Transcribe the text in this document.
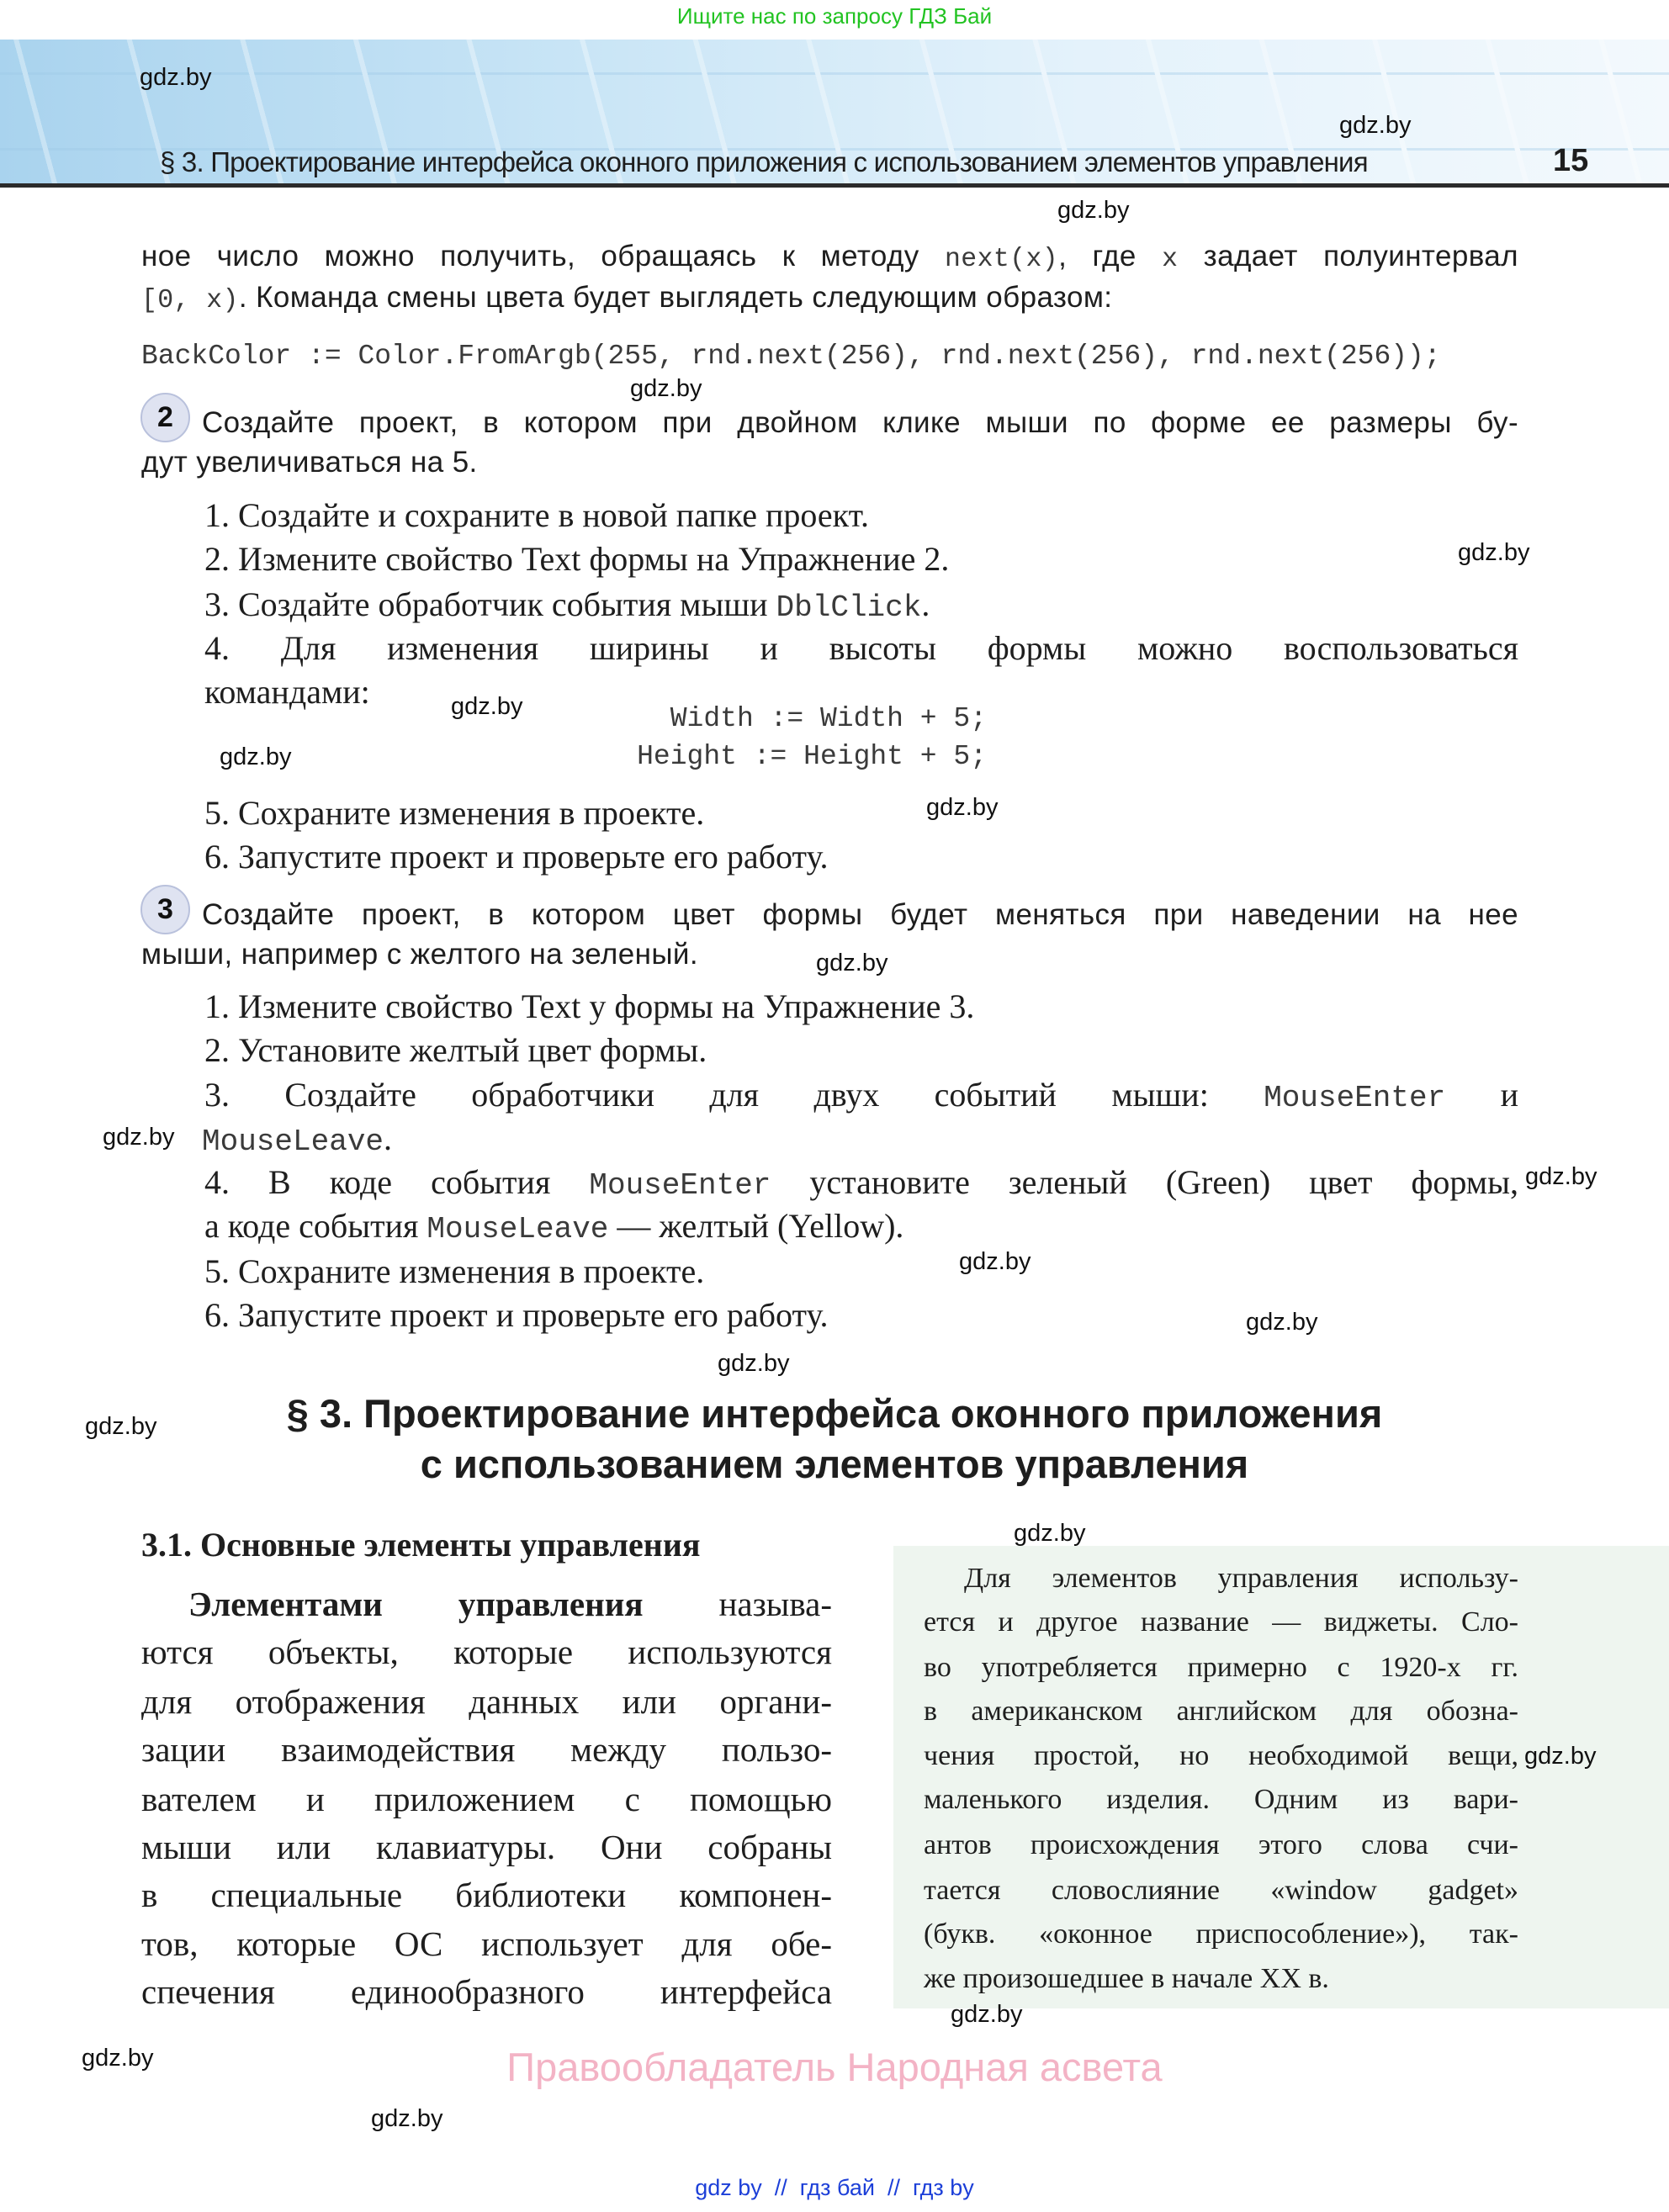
Ищите нас по запросу ГДЗ Бай
§ 3. Проектирование интерфейса оконного приложения с использованием элементов управления	15
2
3
Правообладатель Народная асвета
gdz by  //  гдз бай  //  гдз by
ное число можно получить, обращаясь к методу next(x), где x задает полуинтервал
[0, x). Команда смены цвета будет выглядеть следующим образом:
BackColor := Color.FromArgb(255, rnd.next(256), rnd.next(256), rnd.next(256));
Создайте проект, в котором при двойном клике мыши по форме ее размеры бу-
дут увеличиваться на 5.
1. Создайте и сохраните в новой папке проект.
2. Измените свойство Text формы на Упражнение 2.
3. Создайте обработчик события мыши DblClick.
4. Для изменения ширины и высоты формы можно воспользоваться
командами:
Width := Width + 5;
Height := Height + 5;
5. Сохраните изменения в проекте.
6. Запустите проект и проверьте его работу.
Создайте проект, в котором цвет формы будет меняться при наведении на нее
мыши, например с желтого на зеленый.
1. Измените свойство Text у формы на Упражнение 3.
2. Установите желтый цвет формы.
3. Создайте обработчики для двух событий мыши: MouseEnter и
MouseLeave.
4. В коде события MouseEnter установите зеленый (Green) цвет формы,
а коде события MouseLeave — желтый (Yellow).
5. Сохраните изменения в проекте.
6. Запустите проект и проверьте его работу.
§ 3. Проектирование интерфейса оконного приложения
с использованием элементов управления
3.1. Основные элементы управления
Элементами управления называ-
ются объекты, которые используются
для отображения данных или органи-
зации взаимодействия между пользо-
вателем и приложением с помощью
мыши или клавиатуры. Они собраны
в специальные библиотеки компонен-
тов, которые ОС использует для обе-
спечения единообразного интерфейса
Для элементов управления использу-
ется и другое название — виджеты. Сло-
во употребляется примерно с 1920-х гг.
в американском английском для обозна-
чения простой, но необходимой вещи,
маленького изделия. Одним из вари-
антов происхождения этого слова счи-
тается словослияние «window gadget»
(букв. «оконное приспособление»), так-
же произошедшее в начале XX в.
gdz.by
gdz.by
gdz.by
gdz.by
gdz.by
gdz.by
gdz.by
gdz.by
gdz.by
gdz.by
gdz.by
gdz.by
gdz.by
gdz.by
gdz.by
gdz.by
gdz.by
gdz.by
gdz.by
gdz.by
